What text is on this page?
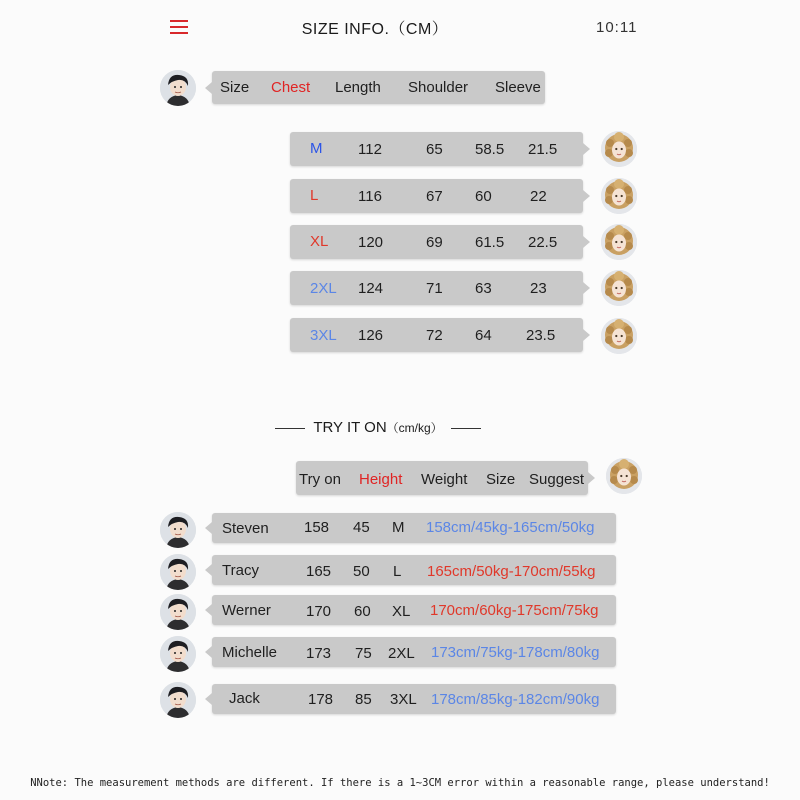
SIZE INFO.（CM）	10:11
Size Chest Length Shoulder Sleeve
M 112	65 58.5 21.5
L	116	67 60	22
XL 120	69 61.5 22.5
2XL 124	71 63	23
3XL 126	72 64 23.5
TRY IT ON（cm/kg）
Try on Height Weight Size Suggest
Steven 158 45 M 158cm/45kg-165cm/50kg
Tracy	165 50 L 165cm/50kg-170cm/55kg
Werner 170 60 XL 170cm/60kg-175cm/75kg
Michelle 173 75 2XL 173cm/75kg-178cm/80kg
Jack	178 85 3XL 178cm/85kg-182cm/90kg
NNote: The measurement methods are different. If there is a 1~3CM error within a reasonable range, please understand!
